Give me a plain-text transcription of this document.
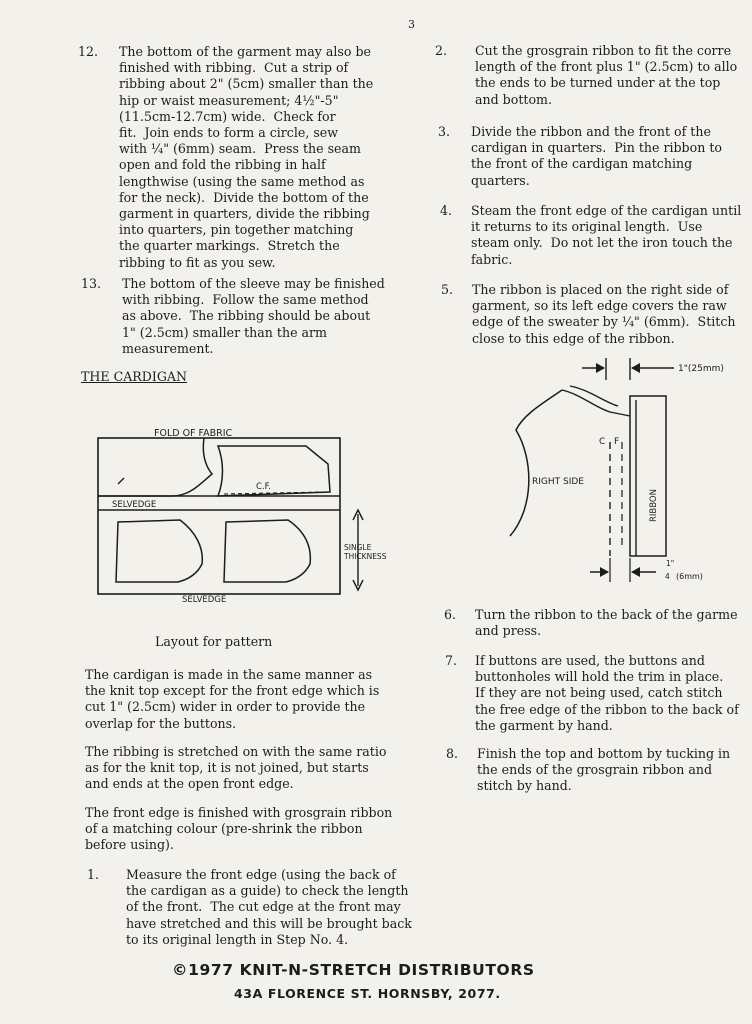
3
12. The bottom of the garment may also be
finished with ribbing.  Cut a strip of
ribbing about 2" (5cm) smaller than the
hip or waist measurement; 4½"-5"
(11.5cm-12.7cm) wide.  Check for
fit.  Join ends to form a circle, sew
with ¼" (6mm) seam.  Press the seam
open and fold the ribbing in half
lengthwise (using the same method as
for the neck).  Divide the bottom of the
garment in quarters, divide the ribbing
into quarters, pin together matching
the quarter markings.  Stretch the
ribbing to fit as you sew.
13. The bottom of the sleeve may be finished
with ribbing.  Follow the same method
as above.  The ribbing should be about
1" (2.5cm) smaller than the arm
measurement.
THE CARDIGAN
FOLD OF FABRIC
C.F.
SELVEDGE
SELVEDGE
SINGLE
THICKNESS
Layout for pattern
The cardigan is made in the same manner as
the knit top except for the front edge which is
cut 1" (2.5cm) wider in order to provide the
overlap for the buttons.
The ribbing is stretched on with the same ratio
as for the knit top, it is not joined, but starts
and ends at the open front edge.
The front edge is finished with grosgrain ribbon
of a matching colour (pre-shrink the ribbon
before using).
1. Measure the front edge (using the back of
the cardigan as a guide) to check the length
of the front.  The cut edge at the front may
have stretched and this will be brought back
to its original length in Step No. 4.
2. Cut the grosgrain ribbon to fit the corre
length of the front plus 1" (2.5cm) to allo
the ends to be turned under at the top
and bottom.
3. Divide the ribbon and the front of the
cardigan in quarters.  Pin the ribbon to
the front of the cardigan matching
quarters.
4. Steam the front edge of the cardigan until
it returns to its original length.  Use
steam only.  Do not let the iron touch the
fabric.
5. The ribbon is placed on the right side of
garment, so its left edge covers the raw
edge of the sweater by ¼" (6mm).  Stitch
close to this edge of the ribbon.
1"(25mm)
C F
RIGHT SIDE
RIBBON
1"
4 (6mm)
6. Turn the ribbon to the back of the garme
and press.
7. If buttons are used, the buttons and
buttonholes will hold the trim in place.
If they are not being used, catch stitch
the free edge of the ribbon to the back of
the garment by hand.
8. Finish the top and bottom by tucking in
the ends of the grosgrain ribbon and
stitch by hand.
©1977 KNIT-N-STRETCH DISTRIBUTORS
43A FLORENCE ST. HORNSBY, 2077.
